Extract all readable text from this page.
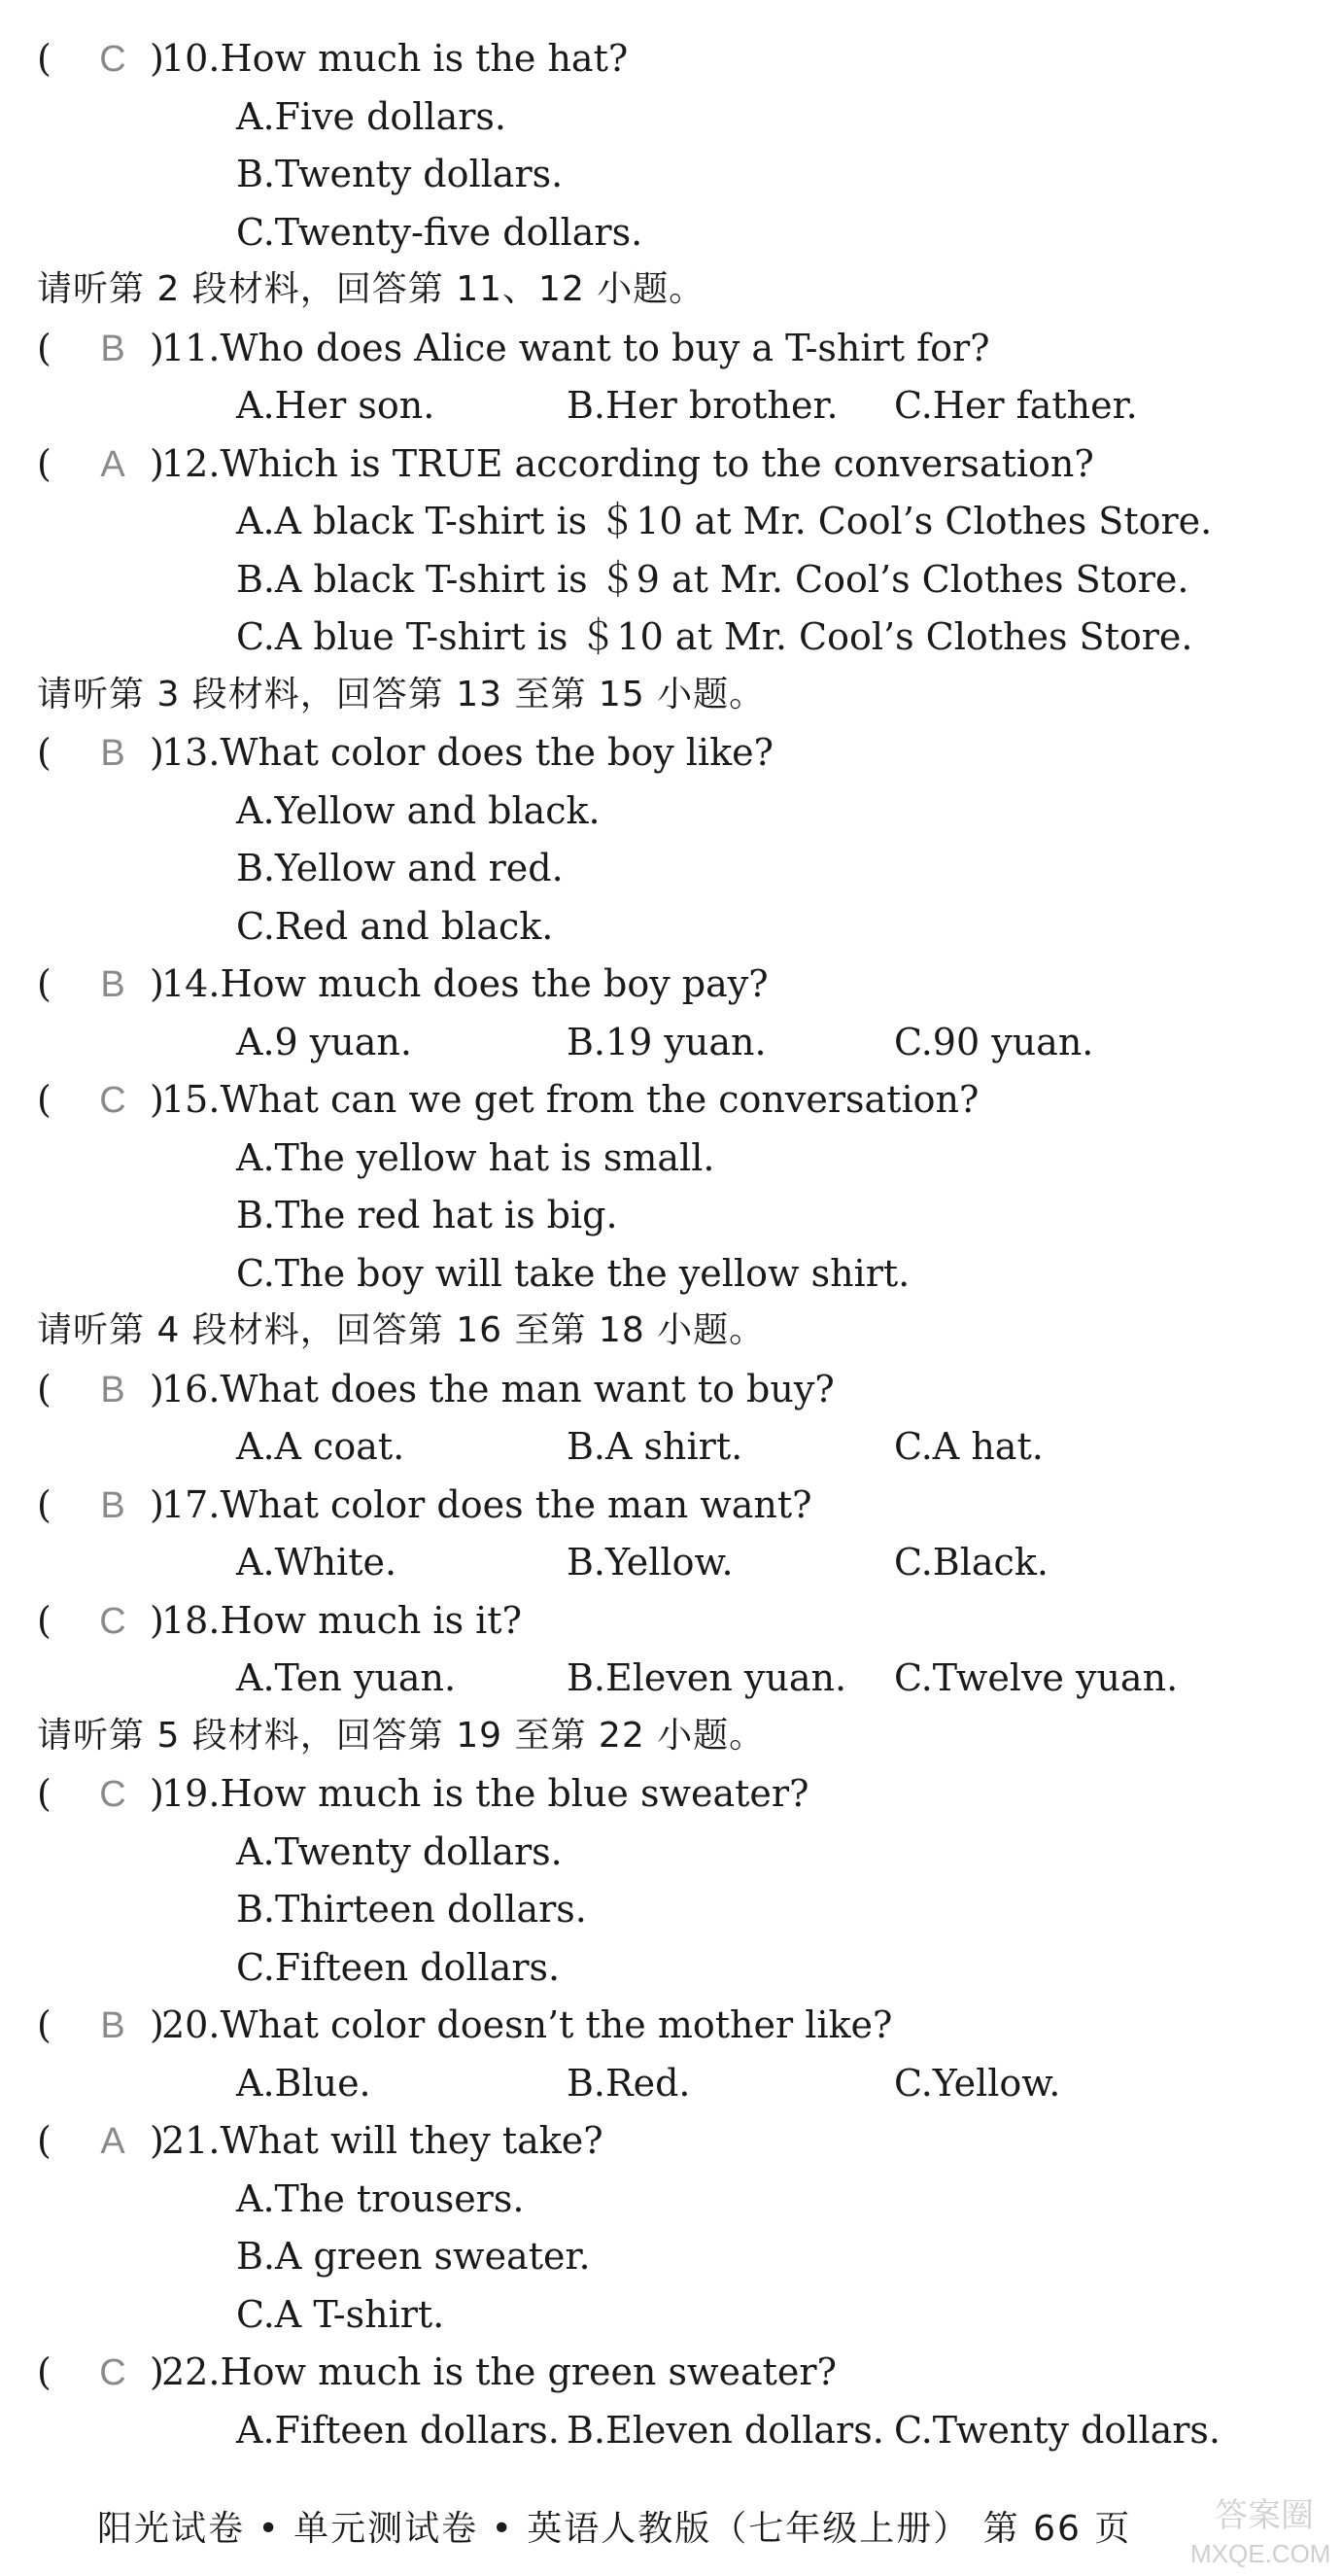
( C )10.How much is the hat?
A.Five dollars.
B.Twenty dollars.
C.Twenty-five dollars.
请听第 2 段材料，回答第 11、12 小题。
( B )11.Who does Alice want to buy a T-shirt for?
A.Her son.	B.Her brother. C.Her father.
( A )12.Which is TRUE according to the conversation?
A.A black T-shirt is ＄10 at Mr. Cool’s Clothes Store.
B.A black T-shirt is ＄9 at Mr. Cool’s Clothes Store.
C.A blue T-shirt is ＄10 at Mr. Cool’s Clothes Store.
请听第 3 段材料，回答第 13 至第 15 小题。
( B )13.What color does the boy like?
A.Yellow and black.
B.Yellow and red.
C.Red and black.
( B )14.How much does the boy pay?
A.9 yuan.	B.19 yuan.	C.90 yuan.
( C )15.What can we get from the conversation?
A.The yellow hat is small.
B.The red hat is big.
C.The boy will take the yellow shirt.
请听第 4 段材料，回答第 16 至第 18 小题。
( B )16.What does the man want to buy?
A.A coat.	B.A shirt.	C.A hat.
( B )17.What color does the man want?
A.White.	B.Yellow.	C.Black.
( C )18.How much is it?
A.Ten yuan.	B.Eleven yuan. C.Twelve yuan.
请听第 5 段材料，回答第 19 至第 22 小题。
( C )19.How much is the blue sweater?
A.Twenty dollars.
B.Thirteen dollars.
C.Fifteen dollars.
( B )20.What color doesn’t the mother like?
A.Blue.	B.Red.	C.Yellow.
( A )21.What will they take?
A.The trousers.
B.A green sweater.
C.A T-shirt.
( C )22.How much is the green sweater?
A.Fifteen dollars. B.Eleven dollars. C.Twenty dollars.
阳光试卷 • 单元测试卷 • 英语人教版（七年级上册） 第 66 页	答案圈
MXQE.COM
